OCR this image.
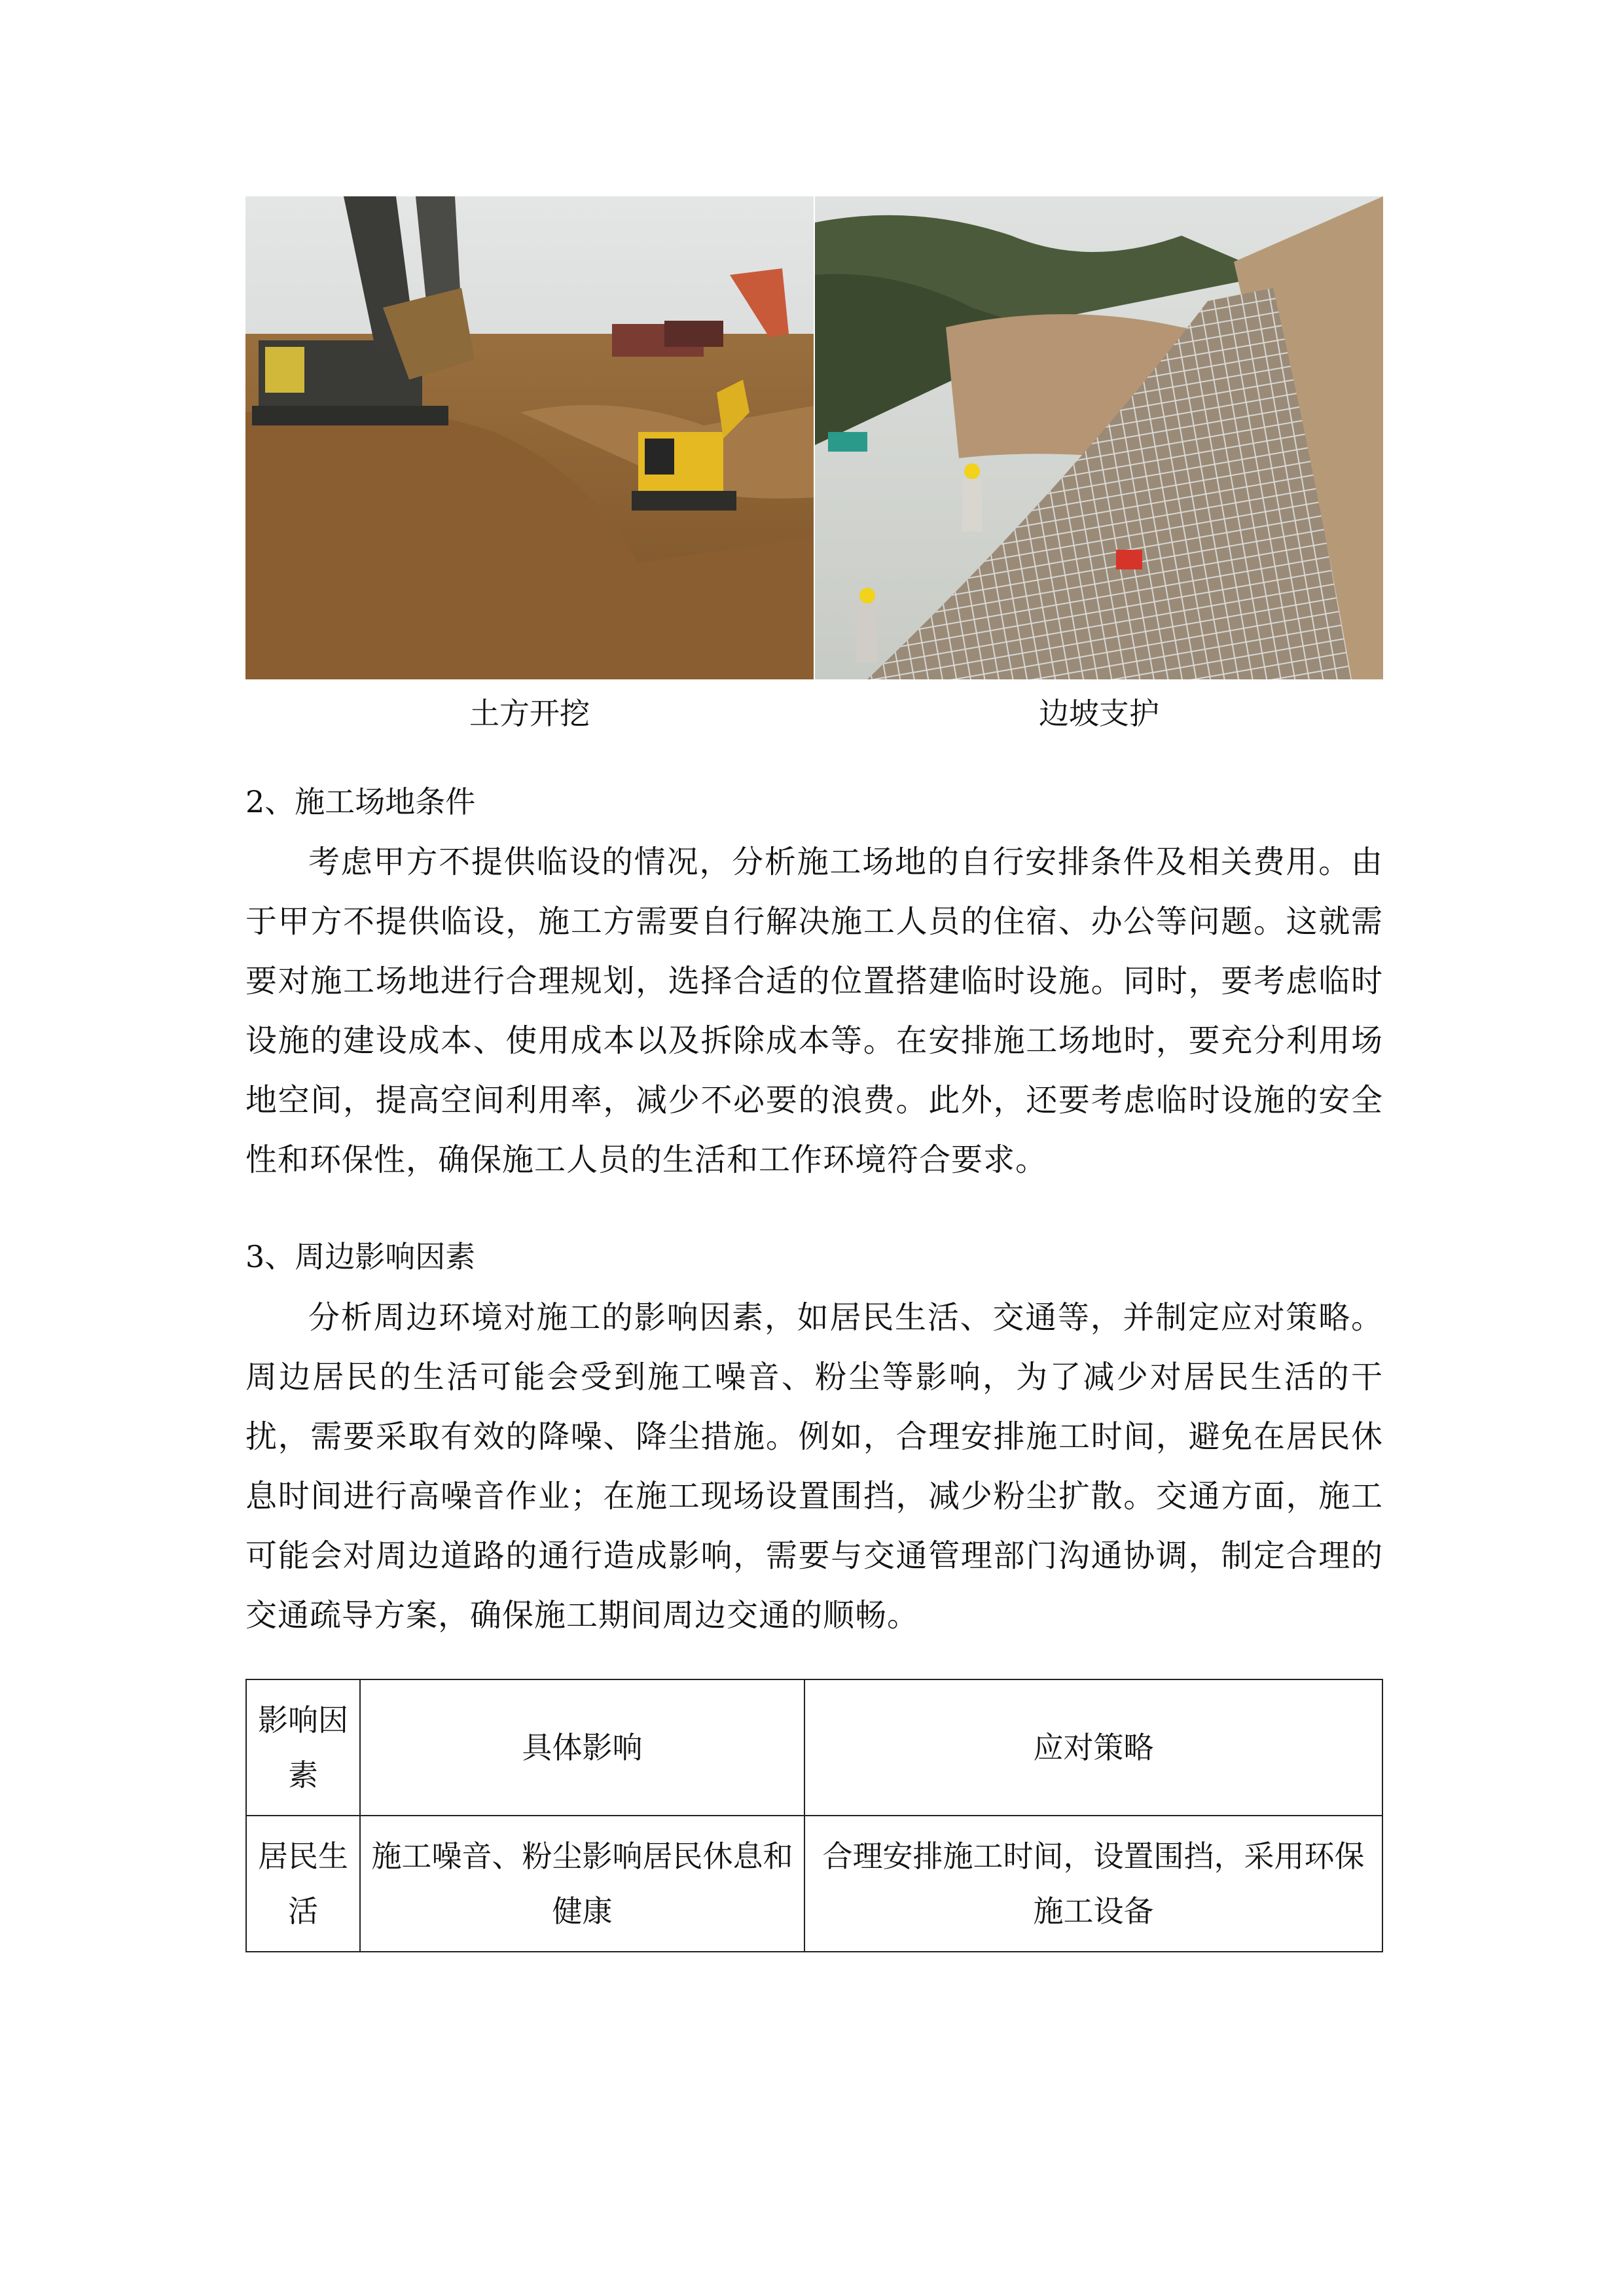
土方开挖	边坡支护
2、施工场地条件
考虑甲方不提供临设的情况，分析施工场地的自行安排条件及相关费用。由于甲方不提供临设，施工方需要自行解决施工人员的住宿、办公等问题。这就需要对施工场地进行合理规划，选择合适的位置搭建临时设施。同时，要考虑临时设施的建设成本、使用成本以及拆除成本等。在安排施工场地时，要充分利用场地空间，提高空间利用率，减少不必要的浪费。此外，还要考虑临时设施的安全性和环保性，确保施工人员的生活和工作环境符合要求。
3、周边影响因素
分析周边环境对施工的影响因素，如居民生活、交通等，并制定应对策略。周边居民的生活可能会受到施工噪音、粉尘等影响，为了减少对居民生活的干扰，需要采取有效的降噪、降尘措施。例如，合理安排施工时间，避免在居民休息时间进行高噪音作业；在施工现场设置围挡，减少粉尘扩散。交通方面，施工可能会对周边道路的通行造成影响，需要与交通管理部门沟通协调，制定合理的交通疏导方案，确保施工期间周边交通的顺畅。
影响因素	具体影响	应对策略
居民生活	施工噪音、粉尘影响居民休息和健康	合理安排施工时间，设置围挡，采用环保施工设备
